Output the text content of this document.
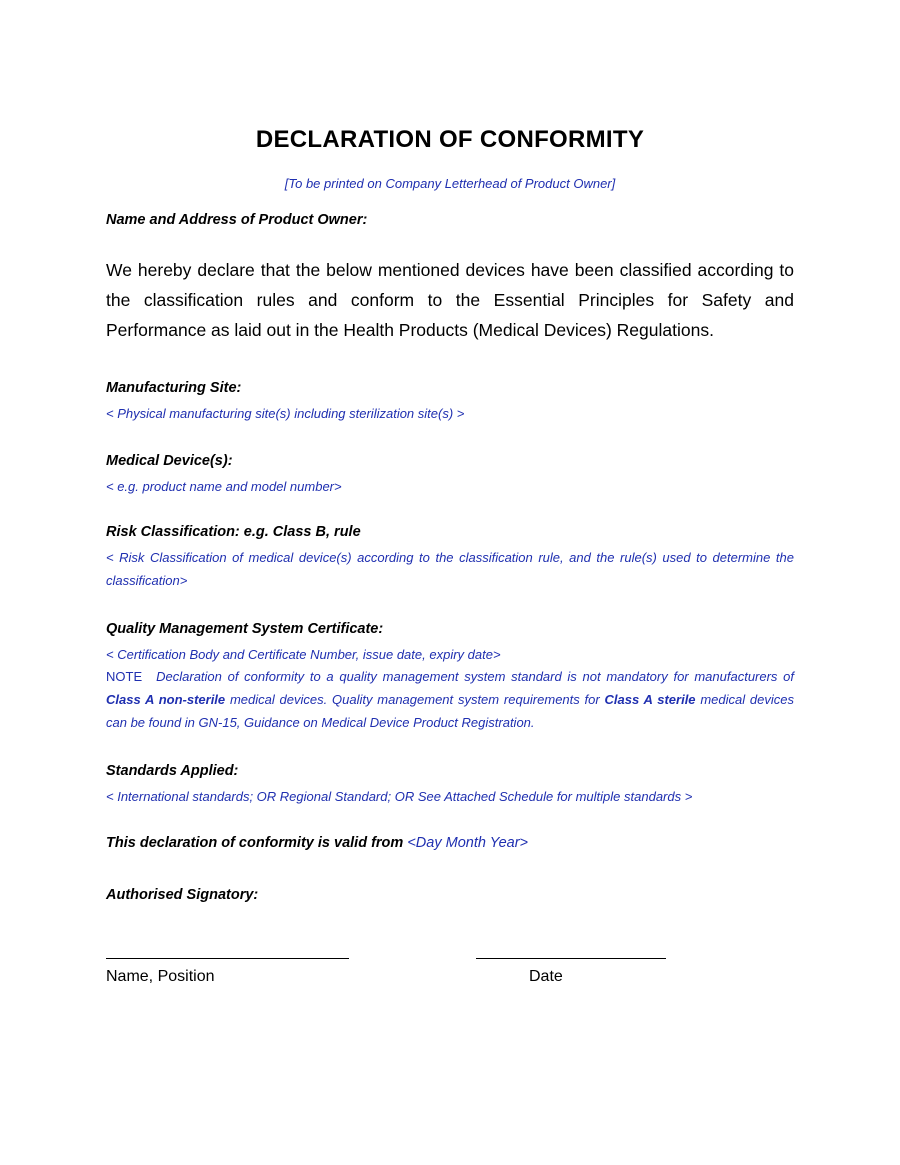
DECLARATION OF CONFORMITY
[To be printed on Company Letterhead of Product Owner]
Name and Address of Product Owner:
We hereby declare that the below mentioned devices have been classified according to the classification rules and conform to the Essential Principles for Safety and Performance as laid out in the Health Products (Medical Devices) Regulations.
Manufacturing Site:
< Physical manufacturing site(s) including sterilization site(s) >
Medical Device(s):
< e.g. product name and model number>
Risk Classification: e.g. Class B, rule
< Risk Classification of medical device(s) according to the classification rule, and the rule(s) used to determine the classification>
Quality Management System Certificate:
< Certification Body and Certificate Number, issue date, expiry date>
NOTE Declaration of conformity to a quality management system standard is not mandatory for manufacturers of Class A non-sterile medical devices. Quality management system requirements for Class A sterile medical devices can be found in GN-15, Guidance on Medical Device Product Registration.
Standards Applied:
< International standards; OR Regional Standard; OR See Attached Schedule for multiple standards >
This declaration of conformity is valid from <Day Month Year>
Authorised Signatory:
Name, Position	Date
